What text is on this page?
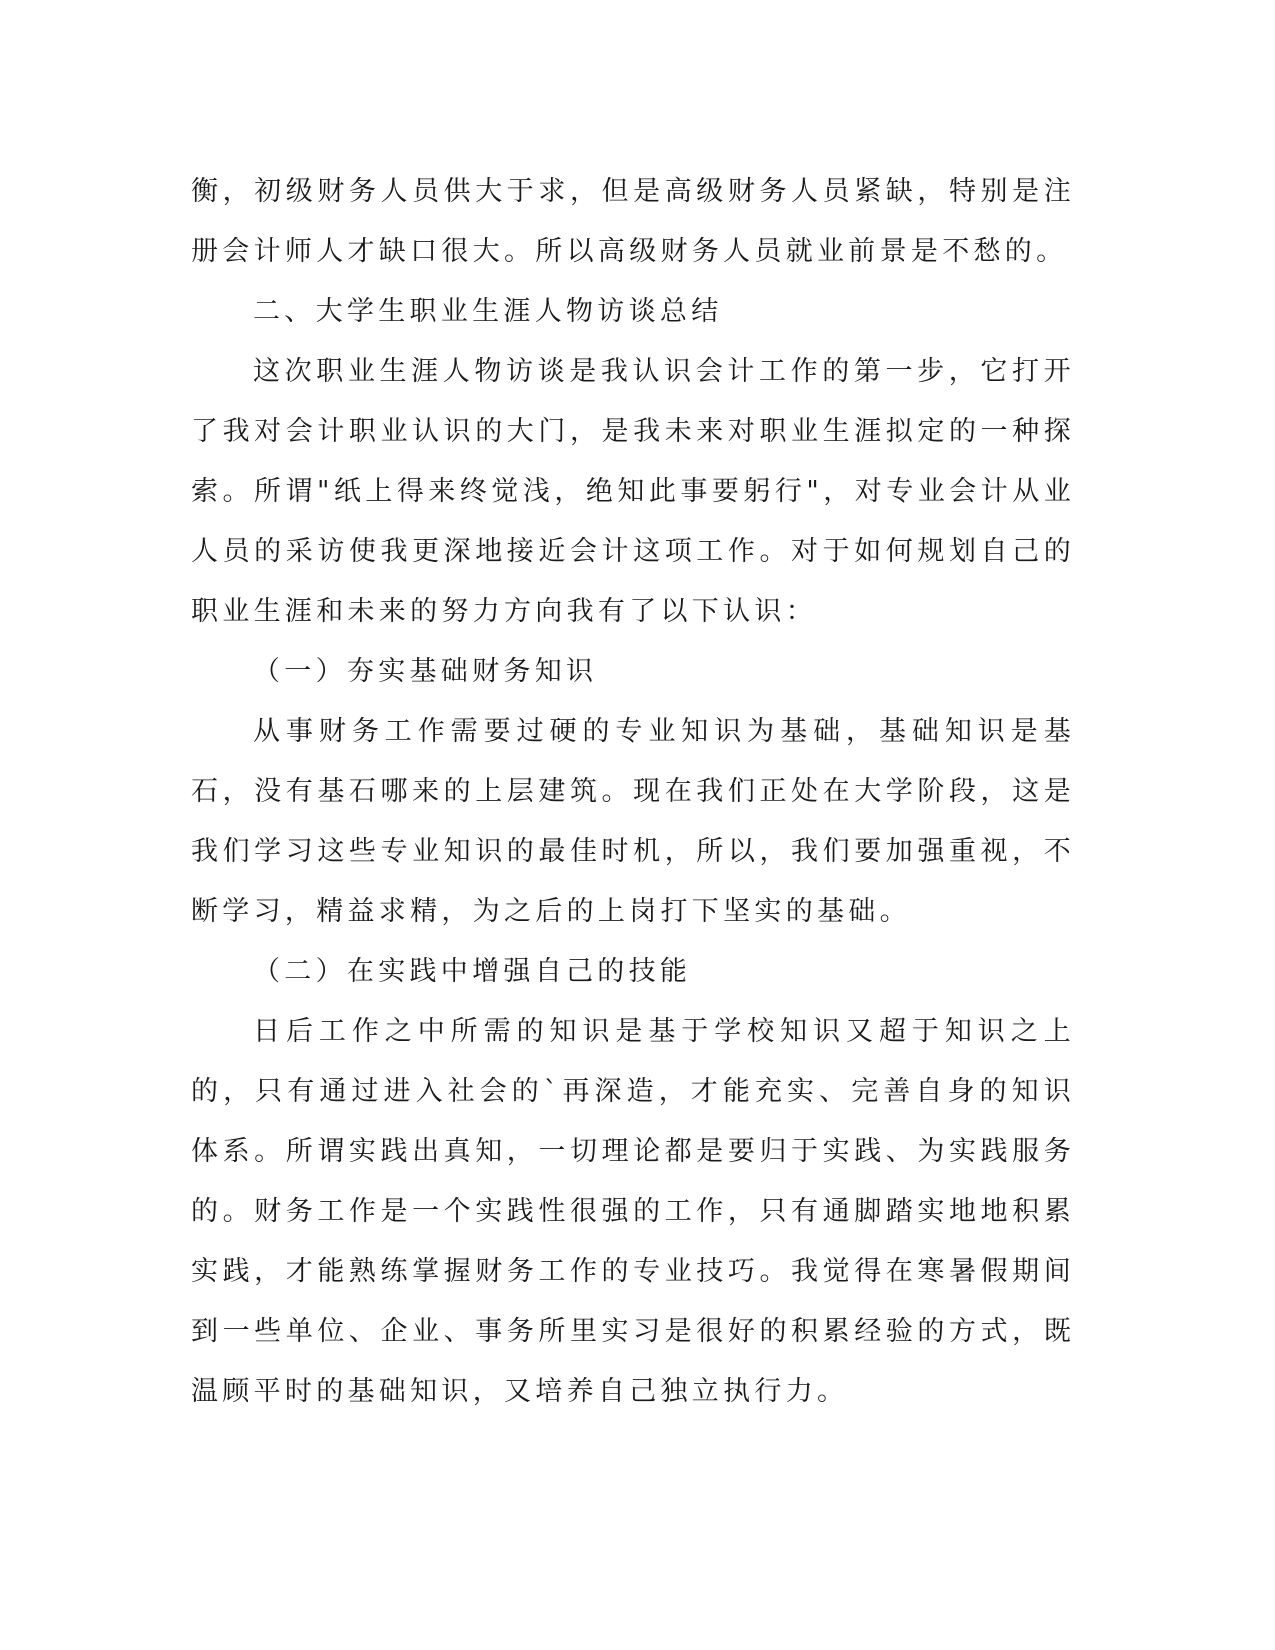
衡，初级财务人员供大于求，但是高级财务人员紧缺，特别是注册会计师人才缺口很大。所以高级财务人员就业前景是不愁的。

二、大学生职业生涯人物访谈总结

这次职业生涯人物访谈是我认识会计工作的第一步，它打开了我对会计职业认识的大门，是我未来对职业生涯拟定的一种探索。所谓"纸上得来终觉浅，绝知此事要躬行"，对专业会计从业人员的采访使我更深地接近会计这项工作。对于如何规划自己的职业生涯和未来的努力方向我有了以下认识：

（一）夯实基础财务知识

从事财务工作需要过硬的专业知识为基础，基础知识是基石，没有基石哪来的上层建筑。现在我们正处在大学阶段，这是我们学习这些专业知识的最佳时机，所以，我们要加强重视，不断学习，精益求精，为之后的上岗打下坚实的基础。

（二）在实践中增强自己的技能

日后工作之中所需的知识是基于学校知识又超于知识之上的，只有通过进入社会的`再深造，才能充实、完善自身的知识体系。所谓实践出真知，一切理论都是要归于实践、为实践服务的。财务工作是一个实践性很强的工作，只有通脚踏实地地积累实践，才能熟练掌握财务工作的专业技巧。我觉得在寒暑假期间到一些单位、企业、事务所里实习是很好的积累经验的方式，既温顾平时的基础知识，又培养自己独立执行力。
